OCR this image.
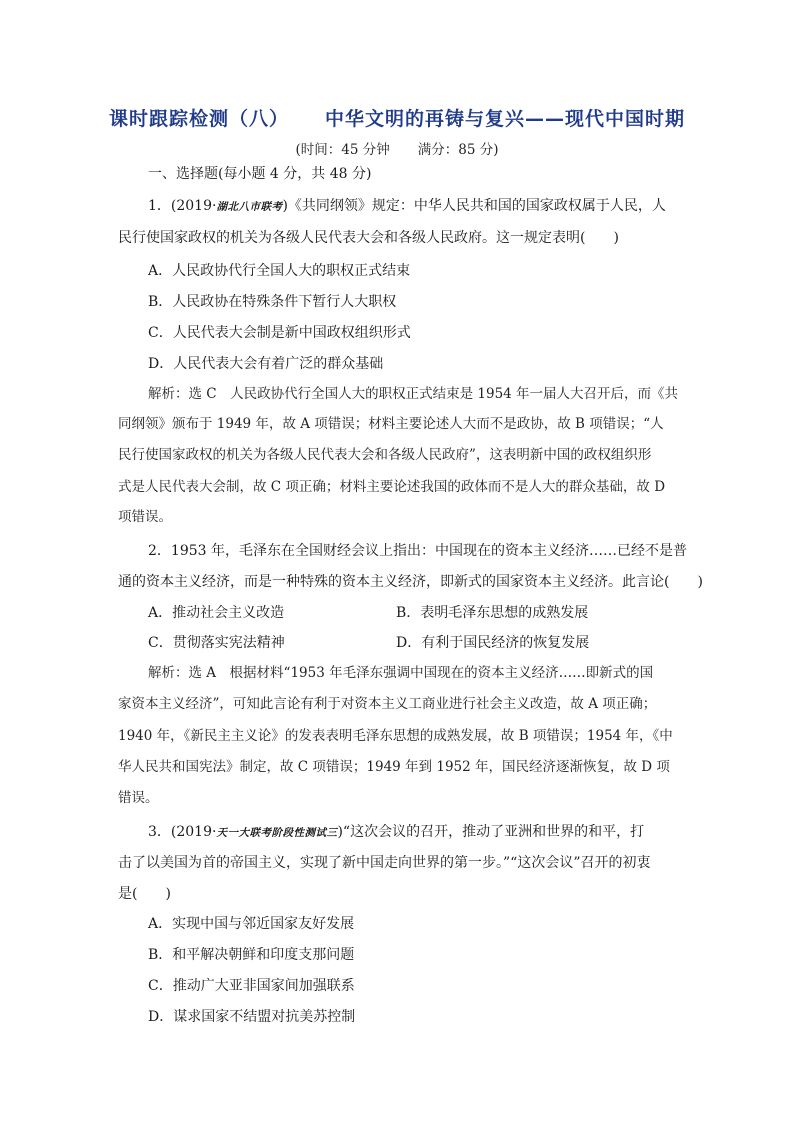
课时跟踪检测（八） 中华文明的再铸与复兴——现代中国时期
(时间：45 分钟 满分：85 分)
一、选择题(每小题 4 分，共 48 分)
1．(2019·湖北八市联考)《共同纲领》规定：中华人民共和国的国家政权属于人民，人
民行使国家政权的机关为各级人民代表大会和各级人民政府。这一规定表明(　　)
A．人民政协代行全国人大的职权正式结束
B．人民政协在特殊条件下暂行人大职权
C．人民代表大会制是新中国政权组织形式
D．人民代表大会有着广泛的群众基础
解析：选 C　人民政协代行全国人大的职权正式结束是 1954 年一届人大召开后，而《共
同纲领》颁布于 1949 年，故 A 项错误；材料主要论述人大而不是政协，故 B 项错误；“人
民行使国家政权的机关为各级人民代表大会和各级人民政府”，这表明新中国的政权组织形
式是人民代表大会制，故 C 项正确；材料主要论述我国的政体而不是人大的群众基础，故 D
项错误。
2．1953 年，毛泽东在全国财经会议上指出：中国现在的资本主义经济……已经不是普
通的资本主义经济，而是一种特殊的资本主义经济，即新式的国家资本主义经济。此言论(　　)
A．推动社会主义改造	B．表明毛泽东思想的成熟发展
C．贯彻落实宪法精神	D．有利于国民经济的恢复发展
解析：选 A　根据材料“1953 年毛泽东强调中国现在的资本主义经济……即新式的国
家资本主义经济”，可知此言论有利于对资本主义工商业进行社会主义改造，故 A 项正确；
1940 年，《新民主主义论》的发表表明毛泽东思想的成熟发展，故 B 项错误；1954 年，《中
华人民共和国宪法》制定，故 C 项错误；1949 年到 1952 年，国民经济逐渐恢复，故 D 项
错误。
3．(2019·天一大联考阶段性测试三)“这次会议的召开，推动了亚洲和世界的和平，打
击了以美国为首的帝国主义，实现了新中国走向世界的第一步。”“这次会议”召开的初衷
是(　　)
A．实现中国与邻近国家友好发展
B．和平解决朝鲜和印度支那问题
C．推动广大亚非国家间加强联系
D．谋求国家不结盟对抗美苏控制
